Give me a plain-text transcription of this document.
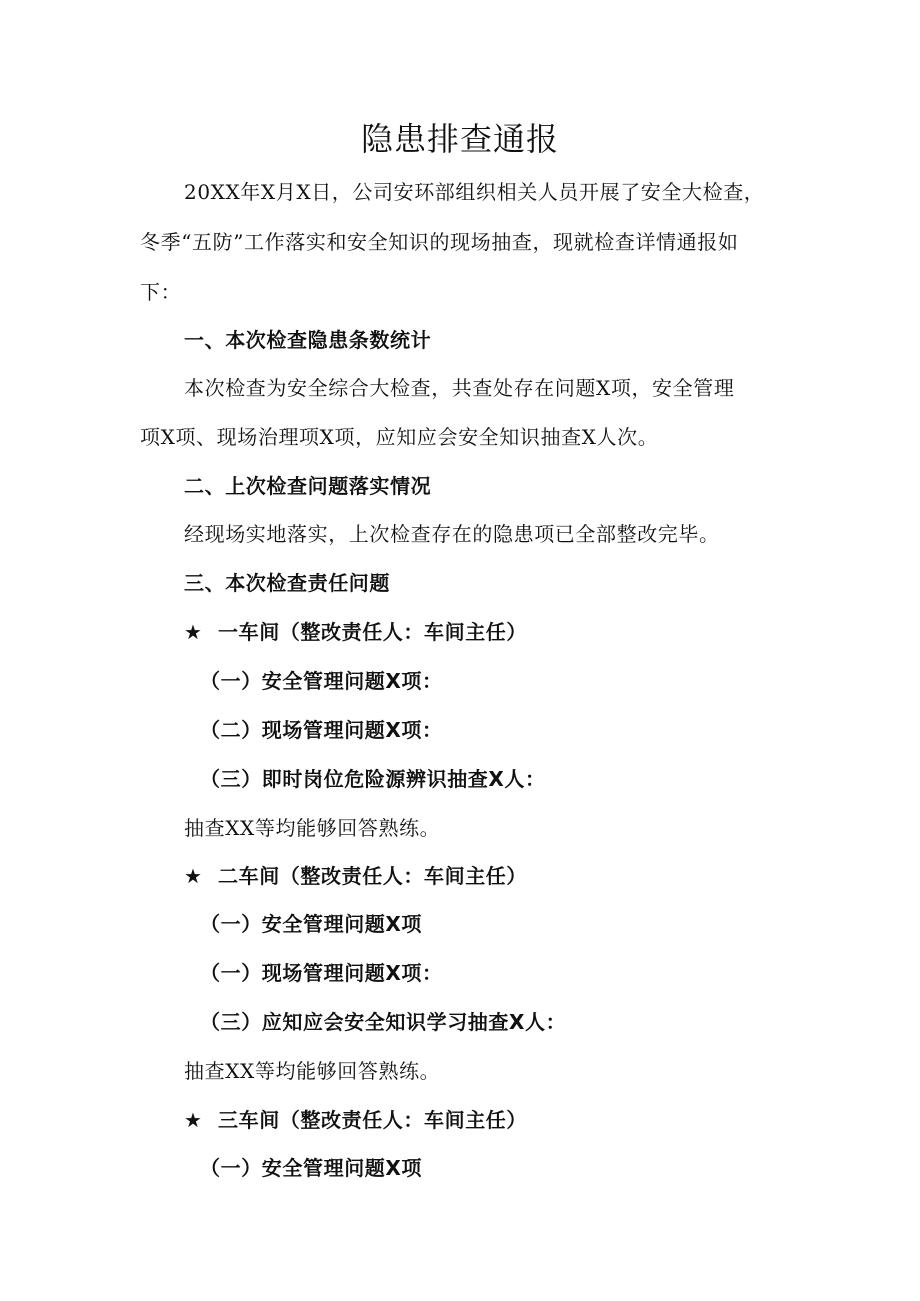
隐患排查通报

20XX年X月X日，公司安环部组织相关人员开展了安全大检查，

冬季“五防”工作落实和安全知识的现场抽查，现就检查详情通报如

下：

一、本次检查隐患条数统计

本次检查为安全综合大检查，共查处存在问题X项，安全管理

项X项、现场治理项X项，应知应会安全知识抽查X人次。

二、上次检查问题落实情况

经现场实地落实，上次检查存在的隐患项已全部整改完毕。

三、本次检查责任问题

★ 一车间（整改责任人：车间主任）

（一）安全管理问题X项：

（二）现场管理问题X项：

（三）即时岗位危险源辨识抽查X人：

抽查XX等均能够回答熟练。

★ 二车间（整改责任人：车间主任）

（一）安全管理问题X项

（一）现场管理问题X项：

（三）应知应会安全知识学习抽查X人：

抽查XX等均能够回答熟练。

★ 三车间（整改责任人：车间主任）

（一）安全管理问题X项
